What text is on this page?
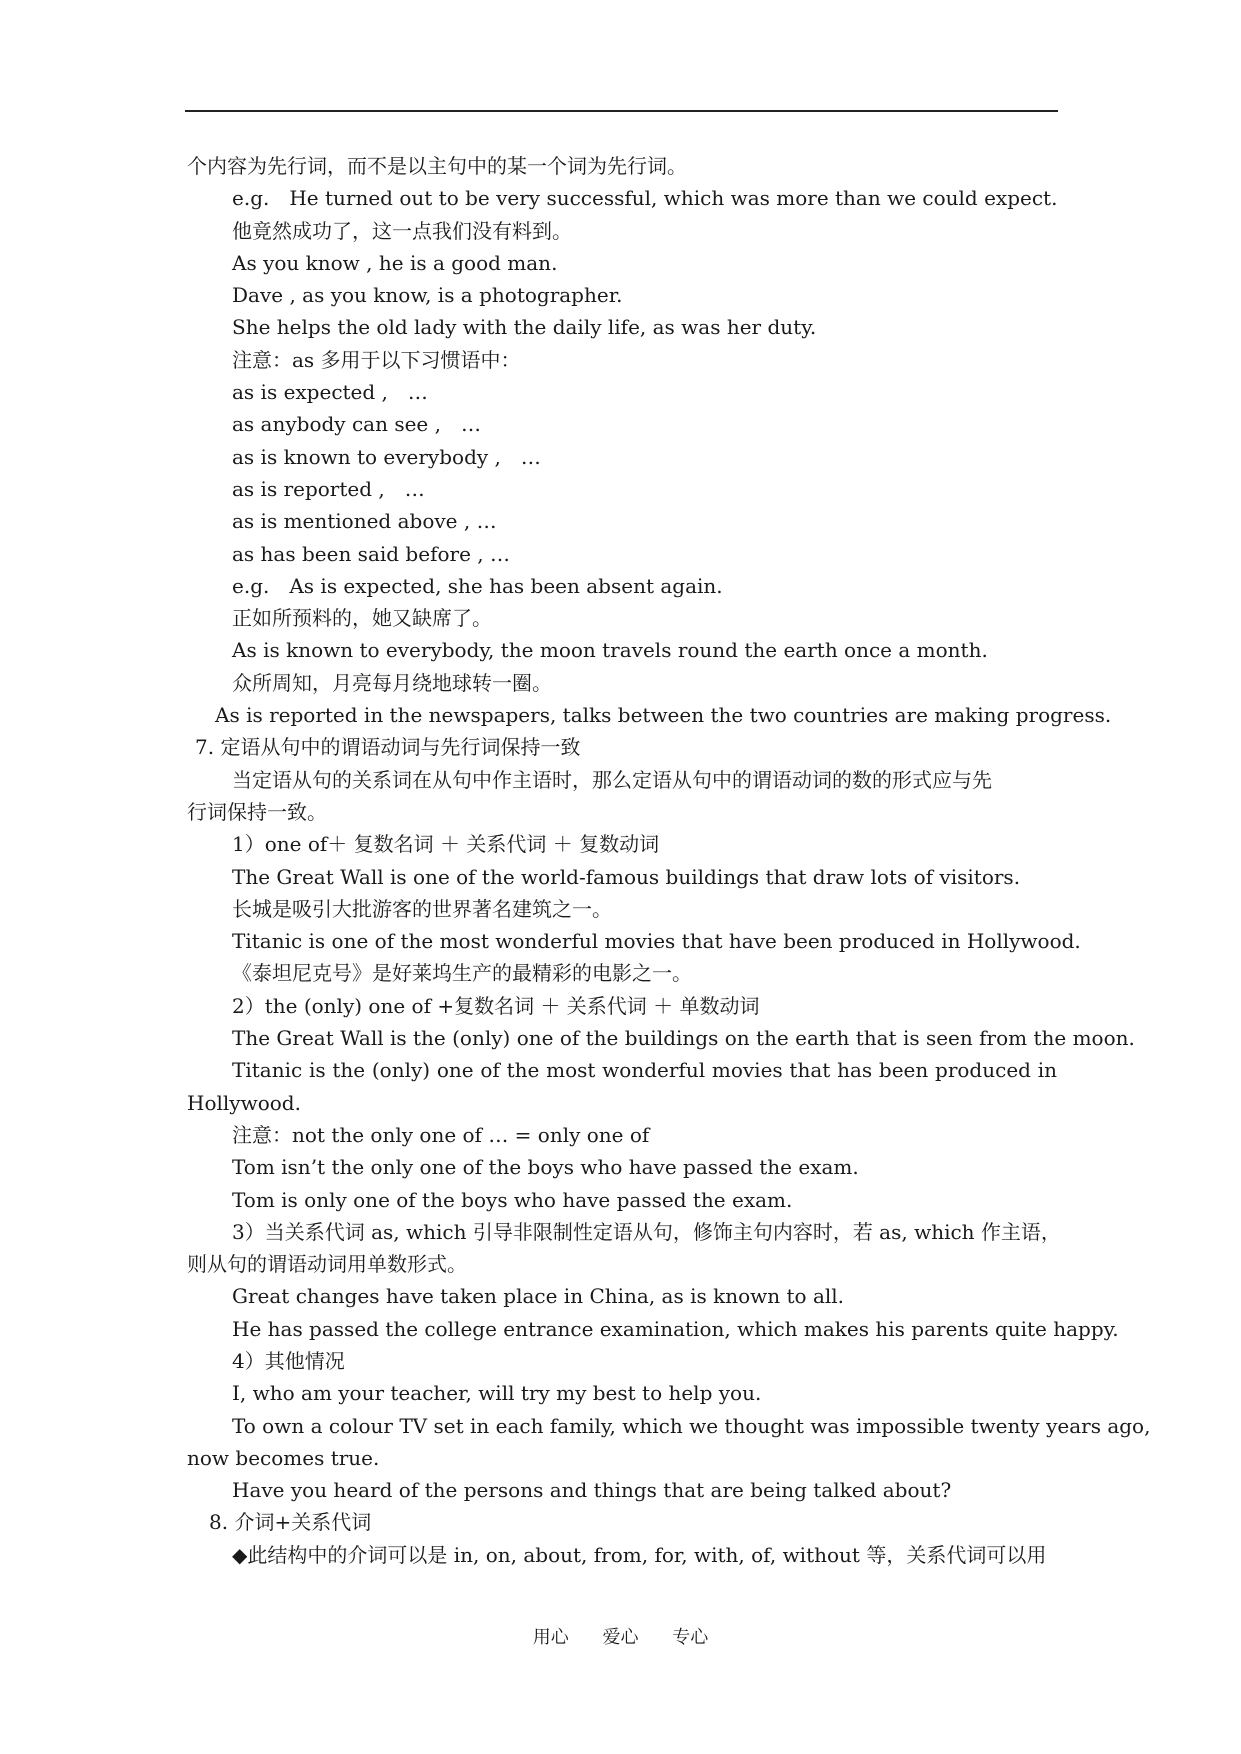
个内容为先行词，而不是以主句中的某一个词为先行词。
e.g.　He turned out to be very successful, which was more than we could expect.
他竟然成功了，这一点我们没有料到。
As you know , he is a good man.
Dave , as you know, is a photographer.
She helps the old lady with the daily life, as was her duty.
注意：as 多用于以下习惯语中：
as is expected ,　…
as anybody can see ,　…
as is known to everybody ,　…
as is reported ,　…
as is mentioned above , …
as has been said before , …
e.g.　As is expected, she has been absent again.
正如所预料的，她又缺席了。
As is known to everybody, the moon travels round the earth once a month.
众所周知，月亮每月绕地球转一圈。
As is reported in the newspapers, talks between the two countries are making progress.
7. 定语从句中的谓语动词与先行词保持一致
当定语从句的关系词在从句中作主语时，那么定语从句中的谓语动词的数的形式应与先
行词保持一致。
1）one of＋ 复数名词 ＋ 关系代词 ＋ 复数动词
The Great Wall is one of the world-famous buildings that draw lots of visitors.
长城是吸引大批游客的世界著名建筑之一。
Titanic is one of the most wonderful movies that have been produced in Hollywood.
《泰坦尼克号》是好莱坞生产的最精彩的电影之一。
2）the (only) one of +复数名词 ＋ 关系代词 ＋ 单数动词
The Great Wall is the (only) one of the buildings on the earth that is seen from the moon.
Titanic is the (only) one of the most wonderful movies that has been produced in
Hollywood.
注意：not the only one of … = only one of
Tom isn’t the only one of the boys who have passed the exam.
Tom is only one of the boys who have passed the exam.
3）当关系代词 as, which 引导非限制性定语从句，修饰主句内容时，若 as, which 作主语，
则从句的谓语动词用单数形式。
Great changes have taken place in China, as is known to all.
He has passed the college entrance examination, which makes his parents quite happy.
4）其他情况
I, who am your teacher, will try my best to help you.
To own a colour TV set in each family, which we thought was impossible twenty years ago,
now becomes true.
Have you heard of the persons and things that are being talked about?
8. 介词+关系代词
◆此结构中的介词可以是 in, on, about, from, for, with, of, without 等，关系代词可以用
用心 爱心 专心
